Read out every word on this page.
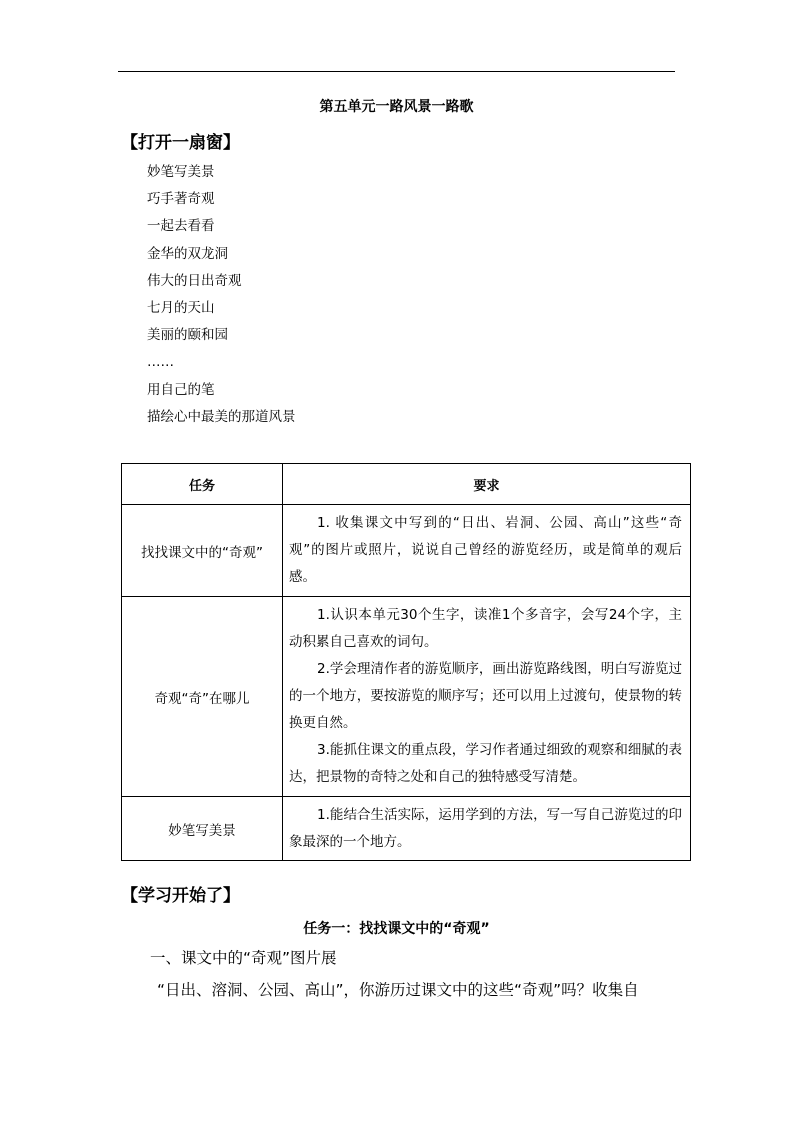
第五单元一路风景一路歌
【打开一扇窗】
妙笔写美景
巧手著奇观
一起去看看
金华的双龙洞
伟大的日出奇观
七月的天山
美丽的颐和园
……
用自己的笔
描绘心中最美的那道风景
任务	要求
找找课文中的“奇观”	1. 收集课文中写到的“日出、岩洞、公园、高山”这些“奇观”的图片或照片，说说自己曾经的游览经历，或是简单的观后感。

奇观“奇”在哪儿	1.认识本单元30个生字，读准1个多音字，会写24个字，主动积累自己喜欢的词句。

2.学会理清作者的游览顺序，画出游览路线图，明白写游览过的一个地方，要按游览的顺序写；还可以用上过渡句，使景物的转换更自然。

3.能抓住课文的重点段，学习作者通过细致的观察和细腻的表达，把景物的奇特之处和自己的独特感受写清楚。

妙笔写美景	1.能结合生活实际，运用学到的方法，写一写自己游览过的印象最深的一个地方。

【学习开始了】
任务一：找找课文中的“奇观”
一、课文中的“奇观”图片展
“日出、溶洞、公园、高山”，你游历过课文中的这些“奇观”吗？收集自
